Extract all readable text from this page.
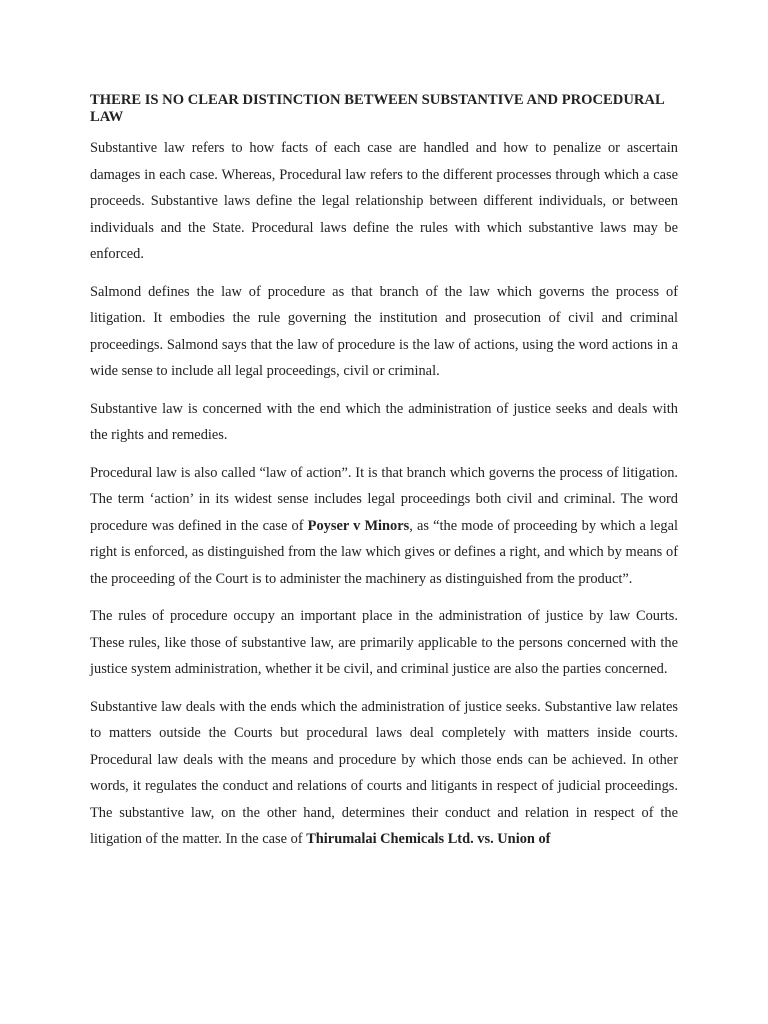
THERE IS NO CLEAR DISTINCTION BETWEEN SUBSTANTIVE AND PROCEDURAL LAW

Substantive law refers to how facts of each case are handled and how to penalize or ascertain damages in each case. Whereas, Procedural law refers to the different processes through which a case proceeds. Substantive laws define the legal relationship between different individuals, or between individuals and the State. Procedural laws define the rules with which substantive laws may be enforced.

Salmond defines the law of procedure as that branch of the law which governs the process of litigation. It embodies the rule governing the institution and prosecution of civil and criminal proceedings. Salmond says that the law of procedure is the law of actions, using the word actions in a wide sense to include all legal proceedings, civil or criminal.

Substantive law is concerned with the end which the administration of justice seeks and deals with the rights and remedies.

Procedural law is also called “law of action”. It is that branch which governs the process of litigation. The term ‘action’ in its widest sense includes legal proceedings both civil and criminal. The word procedure was defined in the case of Poyser v Minors, as “the mode of proceeding by which a legal right is enforced, as distinguished from the law which gives or defines a right, and which by means of the proceeding of the Court is to administer the machinery as distinguished from the product”.

The rules of procedure occupy an important place in the administration of justice by law Courts. These rules, like those of substantive law, are primarily applicable to the persons concerned with the justice system administration, whether it be civil, and criminal justice are also the parties concerned.

Substantive law deals with the ends which the administration of justice seeks. Substantive law relates to matters outside the Courts but procedural laws deal completely with matters inside courts. Procedural law deals with the means and procedure by which those ends can be achieved. In other words, it regulates the conduct and relations of courts and litigants in respect of judicial proceedings. The substantive law, on the other hand, determines their conduct and relation in respect of the litigation of the matter. In the case of Thirumalai Chemicals Ltd. vs. Union of
